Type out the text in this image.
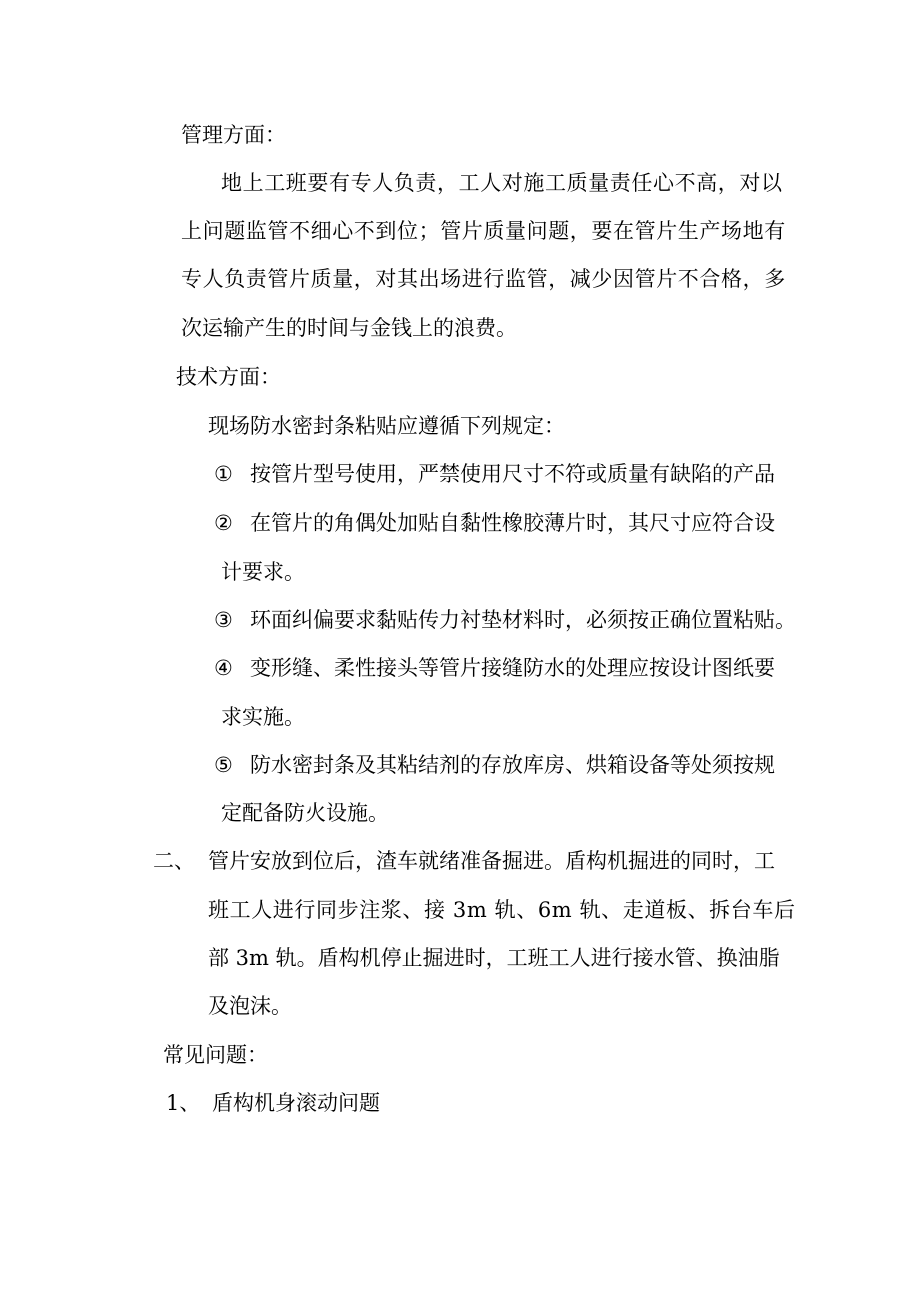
管理方面：
地上工班要有专人负责，工人对施工质量责任心不高，对以
上问题监管不细心不到位；管片质量问题，要在管片生产场地有
专人负责管片质量，对其出场进行监管，减少因管片不合格，多
次运输产生的时间与金钱上的浪费。
技术方面：
现场防水密封条粘贴应遵循下列规定：
① 按管片型号使用，严禁使用尺寸不符或质量有缺陷的产品
② 在管片的角偶处加贴自黏性橡胶薄片时，其尺寸应符合设
计要求。
③ 环面纠偏要求黏贴传力衬垫材料时，必须按正确位置粘贴。
④ 变形缝、柔性接头等管片接缝防水的处理应按设计图纸要
求实施。
⑤ 防水密封条及其粘结剂的存放库房、烘箱设备等处须按规
定配备防火设施。
二、 管片安放到位后，渣车就绪准备掘进。盾构机掘进的同时，工
班工人进行同步注浆、接 3m 轨、6m 轨、走道板、拆台车后
部 3m 轨。盾构机停止掘进时，工班工人进行接水管、换油脂
及泡沫。
常见问题：
1、 盾构机身滚动问题
